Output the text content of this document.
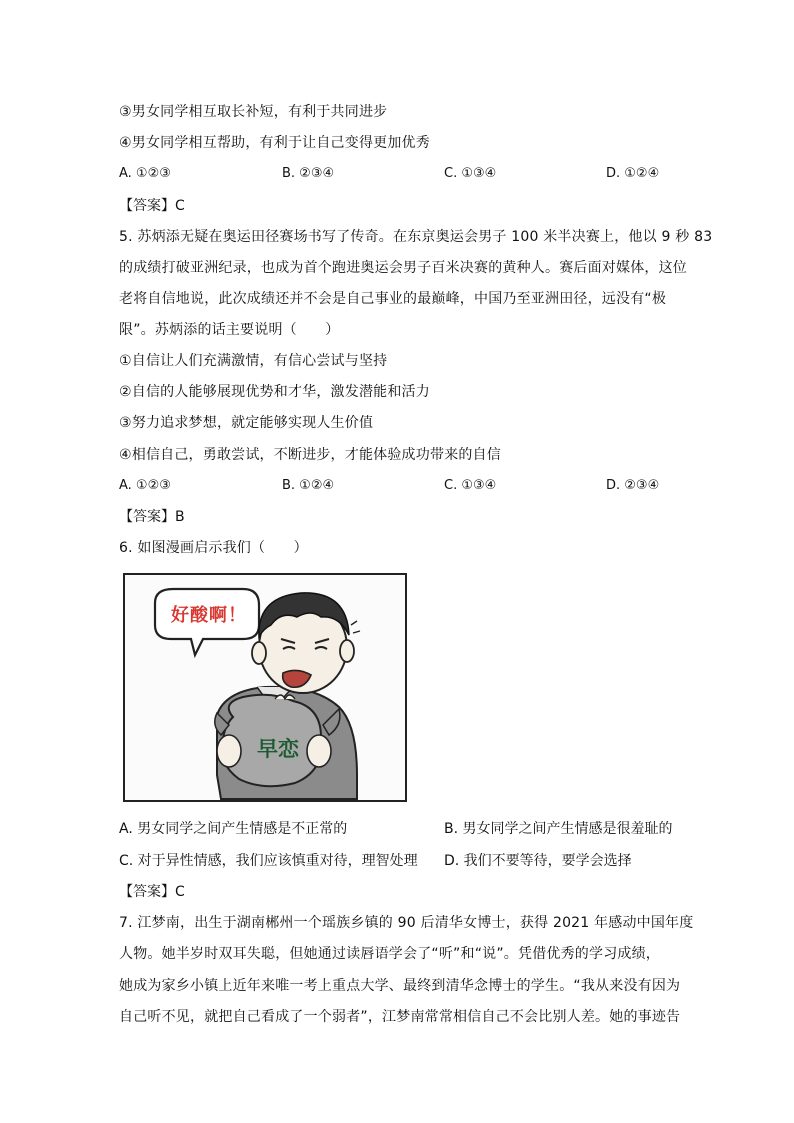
③男女同学相互取长补短，有利于共同进步
④男女同学相互帮助，有利于让自己变得更加优秀
A. ①②③	B. ②③④	C. ①③④	D. ①②④
【答案】C
5. 苏炳添无疑在奥运田径赛场书写了传奇。在东京奥运会男子 100 米半决赛上，他以 9 秒 83
的成绩打破亚洲纪录，也成为首个跑进奥运会男子百米决赛的黄种人。赛后面对媒体，这位
老将自信地说，此次成绩还并不会是自己事业的最巅峰，中国乃至亚洲田径，远没有“极
限”。苏炳添的话主要说明（　　）
①自信让人们充满激情，有信心尝试与坚持
②自信的人能够展现优势和才华，激发潜能和活力
③努力追求梦想，就定能够实现人生价值
④相信自己，勇敢尝试，不断进步，才能体验成功带来的自信
A. ①②③	B. ①②④	C. ①③④	D. ②③④
【答案】B
6. 如图漫画启示我们（　　）
好酸啊！
早恋
A. 男女同学之间产生情感是不正常的	B. 男女同学之间产生情感是很羞耻的
C. 对于异性情感，我们应该慎重对待，理智处理 D. 我们不要等待，要学会选择
【答案】C
7. 江梦南，出生于湖南郴州一个瑶族乡镇的 90 后清华女博士，获得 2021 年感动中国年度
人物。她半岁时双耳失聪，但她通过读唇语学会了“听”和“说”。凭借优秀的学习成绩，
她成为家乡小镇上近年来唯一考上重点大学、最终到清华念博士的学生。“我从来没有因为
自己听不见，就把自己看成了一个弱者”，江梦南常常相信自己不会比别人差。她的事迹告
